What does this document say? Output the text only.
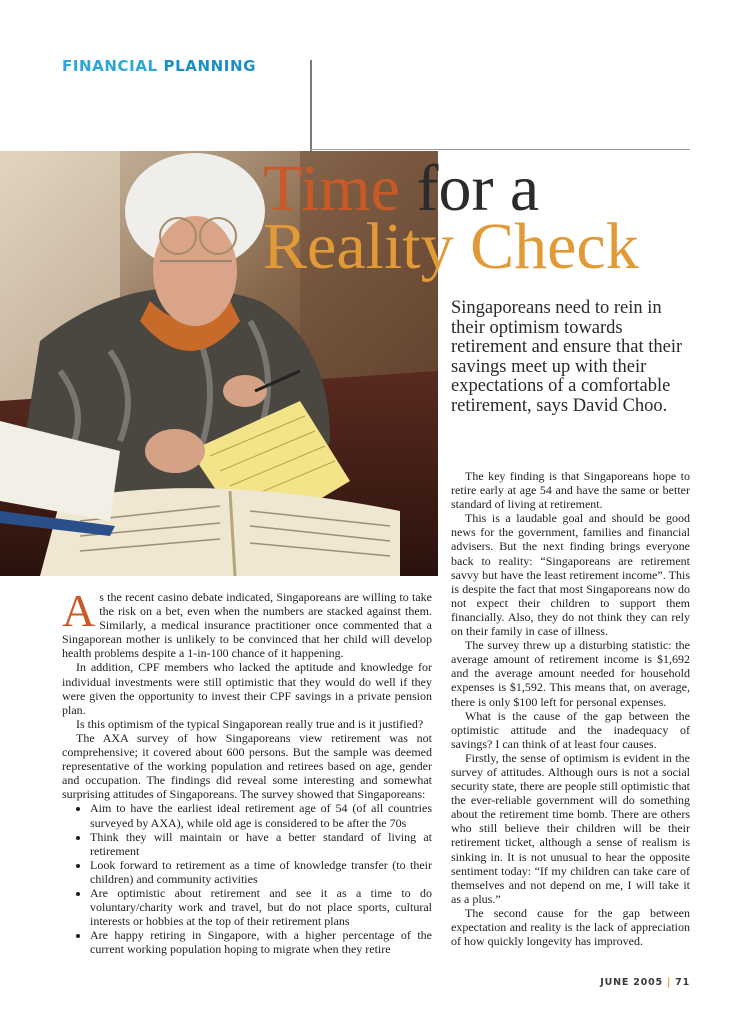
FINANCIAL PLANNING
Time for a
Reality Check
Singaporeans need to rein in their optimism towards retirement and ensure that their savings meet up with their expectations of a comfortable retirement, says David Choo.

As the recent casino debate indicated, Singaporeans are willing to take the risk on a bet, even when the numbers are stacked against them. Similarly, a medical insurance practitioner once commented that a Singaporean mother is unlikely to be convinced that her child will develop health problems despite a 1-in-100 chance of it happening.

In addition, CPF members who lacked the aptitude and knowledge for individual investments were still optimistic that they would do well if they were given the opportunity to invest their CPF savings in a private pension plan.

Is this optimism of the typical Singaporean really true and is it justified?

The AXA survey of how Singaporeans view retirement was not comprehensive; it covered about 600 persons. But the sample was deemed representative of the working population and retirees based on age, gender and occupation. The findings did reveal some interesting and somewhat surprising attitudes of Singaporeans. The survey showed that Singaporeans:

• Aim to have the earliest ideal retirement age of 54 (of all countries surveyed by AXA), while old age is considered to be after the 70s
• Think they will maintain or have a better standard of living at retirement
• Look forward to retirement as a time of knowledge transfer (to their children) and community activities
• Are optimistic about retirement and see it as a time to do voluntary/charity work and travel, but do not place sports, cultural interests or hobbies at the top of their retirement plans
• Are happy retiring in Singapore, with a higher percentage of the current working population hoping to migrate when they retire

The key finding is that Singaporeans hope to retire early at age 54 and have the same or better standard of living at retirement.

This is a laudable goal and should be good news for the government, families and financial advisers. But the next finding brings everyone back to reality: “Singaporeans are retirement savvy but have the least retirement income”. This is despite the fact that most Singaporeans now do not expect their children to support them financially. Also, they do not think they can rely on their family in case of illness.

The survey threw up a disturbing statistic: the average amount of retirement income is $1,692 and the average amount needed for household expenses is $1,592. This means that, on average, there is only $100 left for personal expenses.

What is the cause of the gap between the optimistic attitude and the inadequacy of savings? I can think of at least four causes.

Firstly, the sense of optimism is evident in the survey of attitudes. Although ours is not a social security state, there are people still optimistic that the ever-reliable government will do something about the retirement time bomb. There are others who still believe their children will be their retirement ticket, although a sense of realism is sinking in. It is not unusual to hear the opposite sentiment today: “If my children can take care of themselves and not depend on me, I will take it as a plus.”

The second cause for the gap between expectation and reality is the lack of appreciation of how quickly longevity has improved.

JUNE 2005 | 71
